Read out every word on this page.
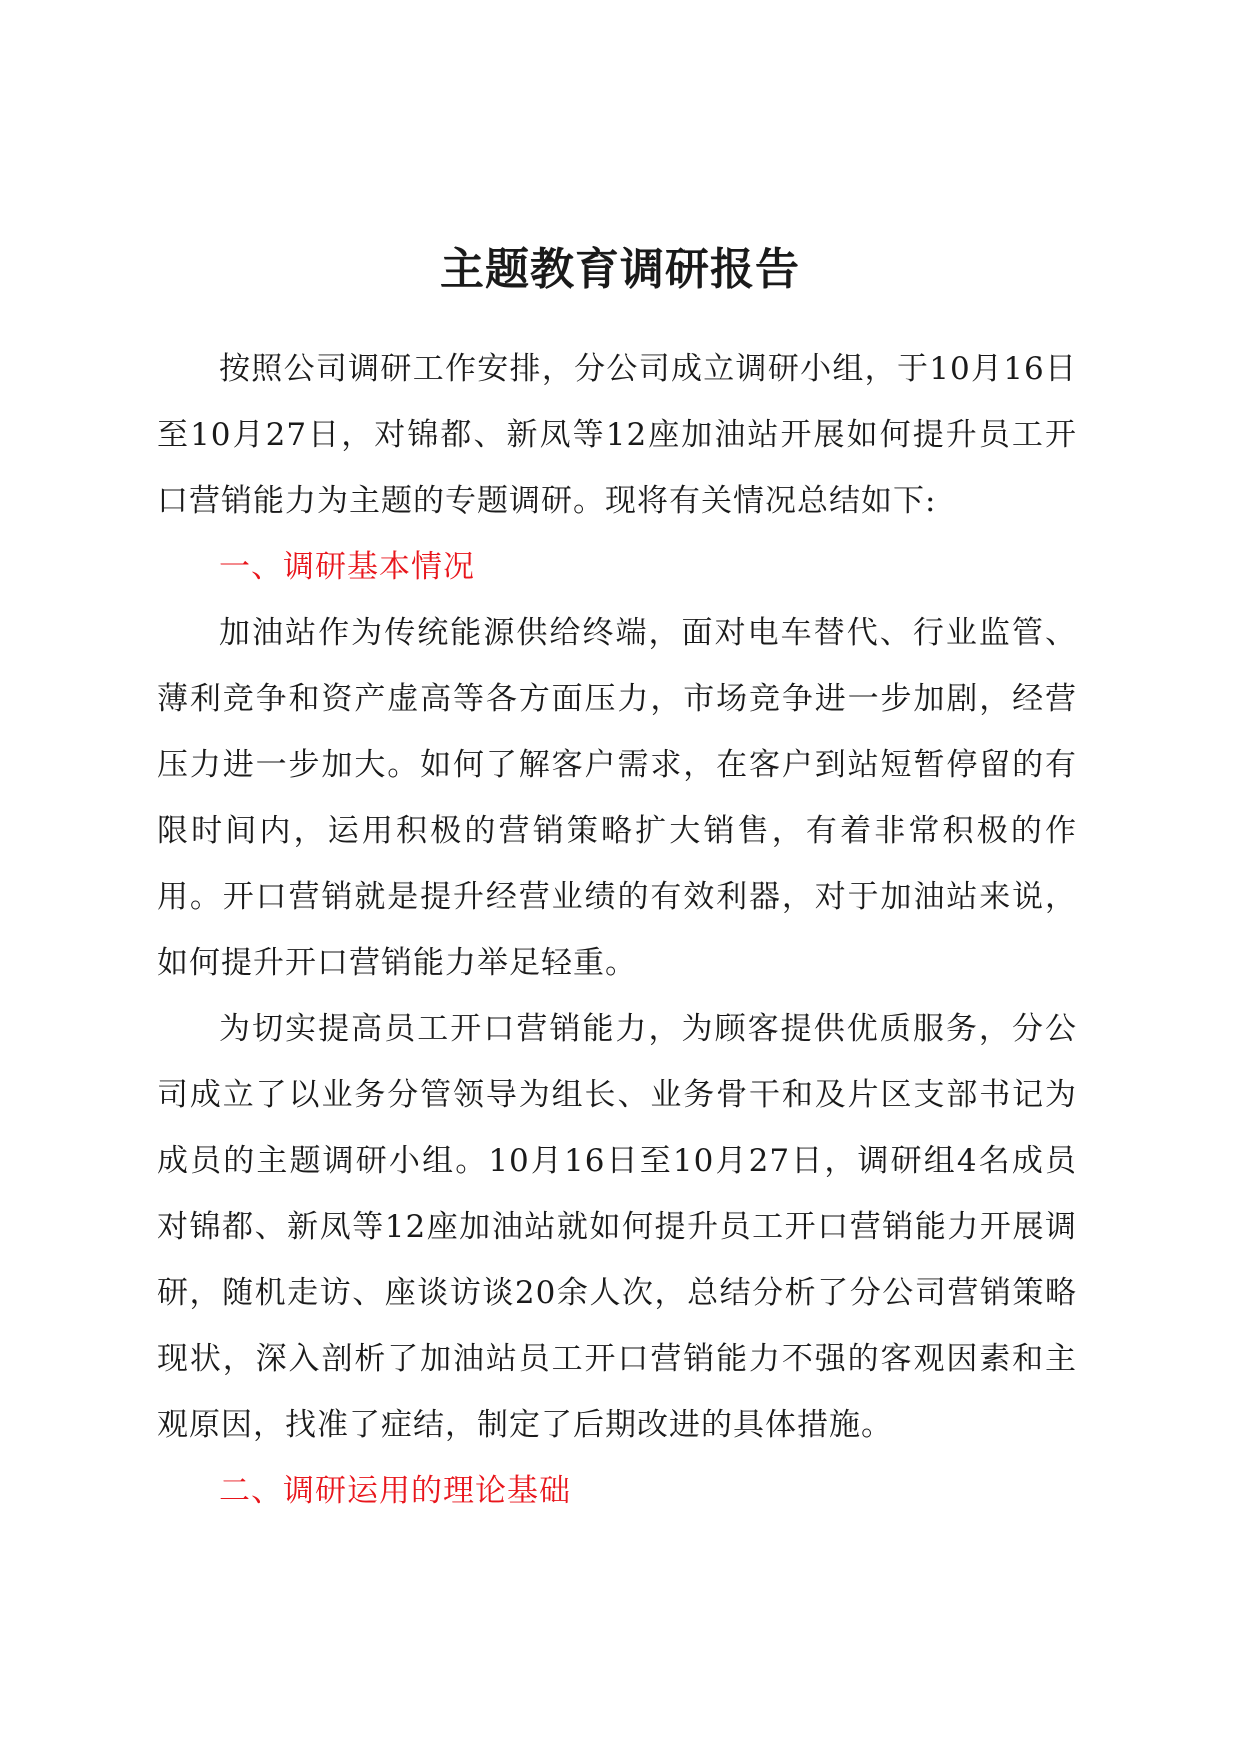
主题教育调研报告

按照公司调研工作安排，分公司成立调研小组，于10月16日至10月27日，对锦都、新凤等12座加油站开展如何提升员工开口营销能力为主题的专题调研。现将有关情况总结如下:

一、调研基本情况

加油站作为传统能源供给终端，面对电车替代、行业监管、薄利竞争和资产虚高等各方面压力，市场竞争进一步加剧，经营压力进一步加大。如何了解客户需求，在客户到站短暂停留的有限时间内，运用积极的营销策略扩大销售，有着非常积极的作用。开口营销就是提升经营业绩的有效利器，对于加油站来说，如何提升开口营销能力举足轻重。

为切实提高员工开口营销能力，为顾客提供优质服务，分公司成立了以业务分管领导为组长、业务骨干和及片区支部书记为成员的主题调研小组。10月16日至10月27日，调研组4名成员对锦都、新凤等12座加油站就如何提升员工开口营销能力开展调研，随机走访、座谈访谈20余人次，总结分析了分公司营销策略现状，深入剖析了加油站员工开口营销能力不强的客观因素和主观原因，找准了症结，制定了后期改进的具体措施。

二、调研运用的理论基础
